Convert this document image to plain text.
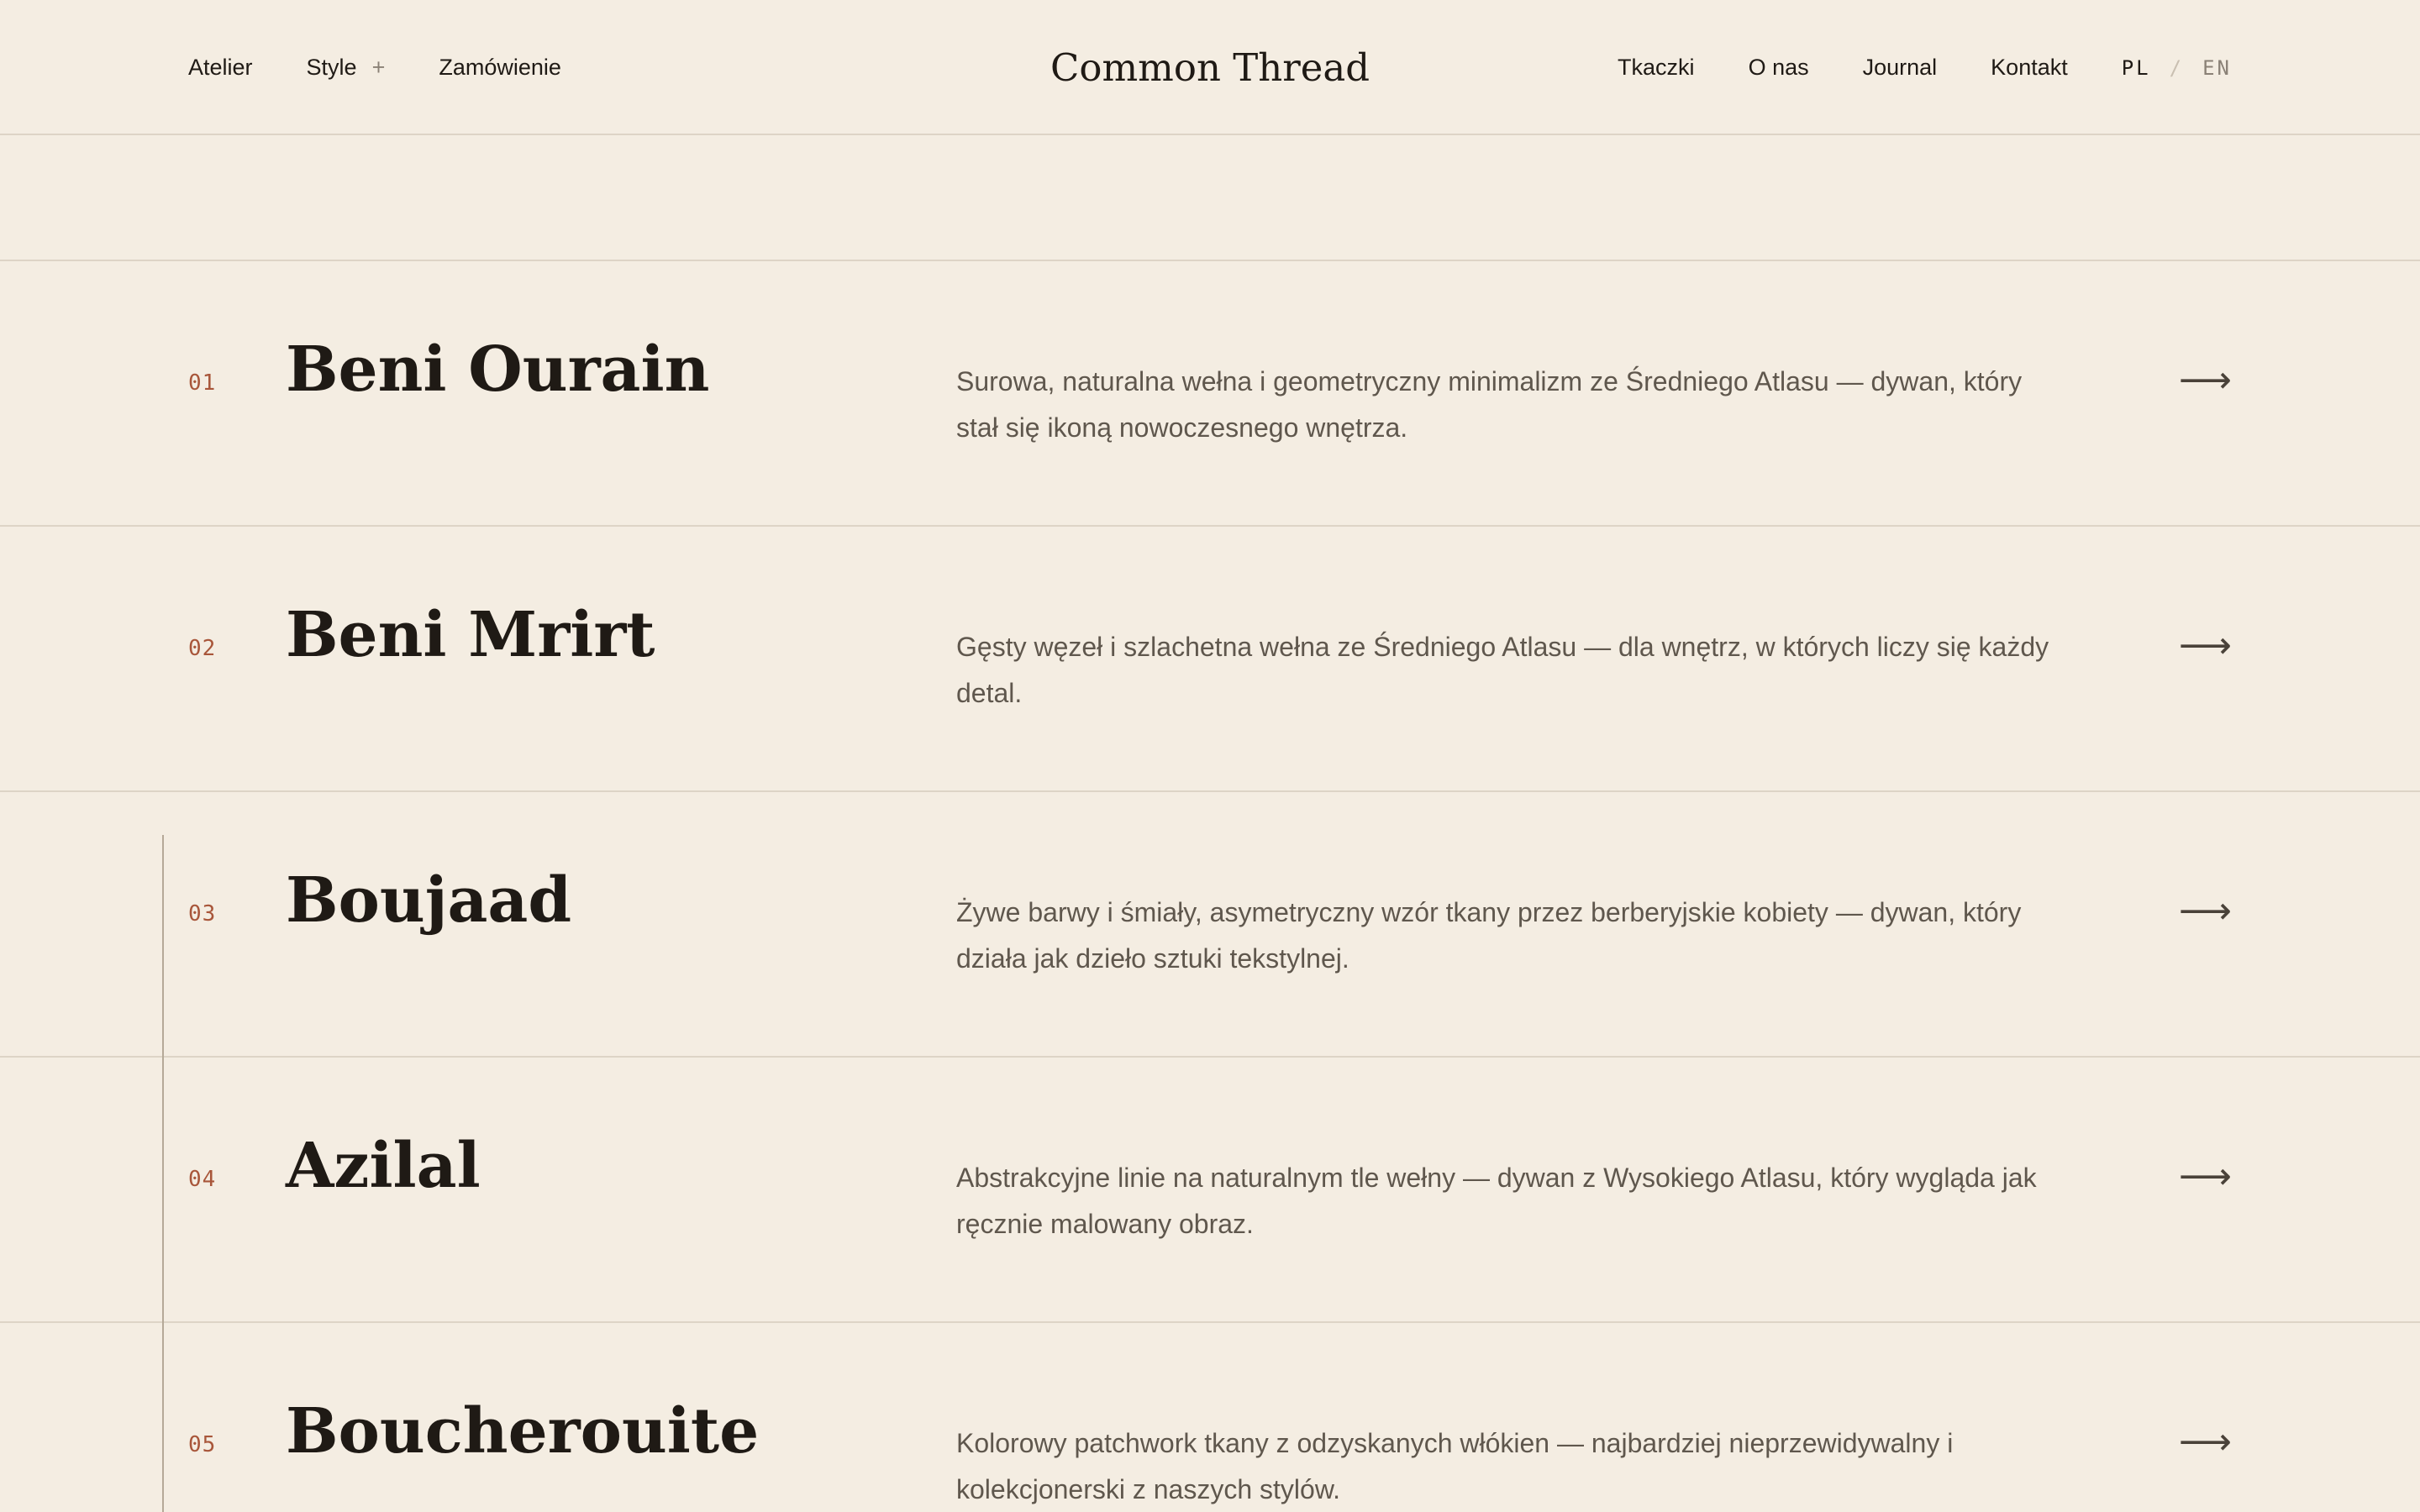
Atelier Style + Zamówienie	Common Thread	Tkaczki O nas Journal Kontakt	PL / EN
01 Beni Ourain	Surowa, naturalna wełna i geometryczny minimalizm ze Średniego Atlasu — dywan, który stał się ikoną nowoczesnego wnętrza.

⟶
02 Beni Mrirt	Gęsty węzeł i szlachetna wełna ze Średniego Atlasu — dla wnętrz, w których liczy się każdy detal.

⟶
03 Boujaad	Żywe barwy i śmiały, asymetryczny wzór tkany przez berberyjskie kobiety — dywan, który działa jak dzieło sztuki tekstylnej.

⟶
04 Azilal	Abstrakcyjne linie na naturalnym tle wełny — dywan z Wysokiego Atlasu, który wygląda jak ręcznie malowany obraz.

⟶
05 Boucherouite	Kolorowy patchwork tkany z odzyskanych włókien — najbardziej nieprzewidywalny i kolekcjonerski z naszych stylów.

⟶
